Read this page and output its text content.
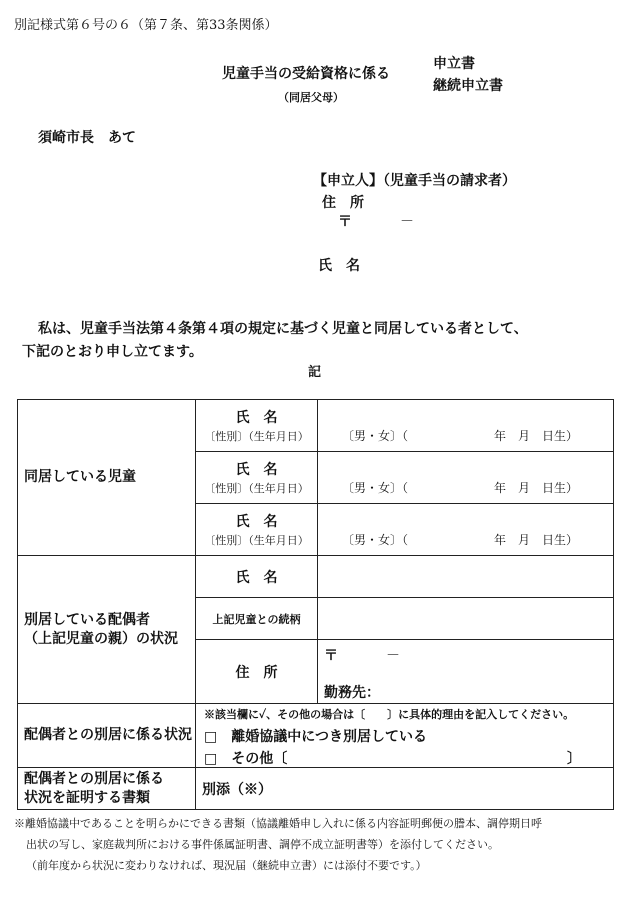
別記様式第６号の６（第７条、第33条関係）
児童手当の受給資格に係る
申立書
継続申立書
（同居父母）
須崎市長　あて
【申立人】（児童手当の請求者）
住　所
〒	－
氏　名
私は、児童手当法第４条第４項の規定に基づく児童と同居している者として、
下記のとおり申し立てます。
記
同居している児童	氏　名
〔性別〕（生年月日）	〔男・女〕（ 年　月　日生）

	氏　名
〔性別〕（生年月日）	〔男・女〕（ 年　月　日生）

	氏　名
〔性別〕（生年月日）	〔男・女〕（ 年　月　日生）

別居している配偶者
（上記児童の親）の状況	氏　名	
	上記児童との続柄	
	住　所	〒 －
勤務先：

配偶者との別居に係る状況	※該当欄に✓、その他の場合は〔　　〕に具体的理由を記入してください。
□　離婚協議中につき別居している
□　その他〔 〕	

配偶者との別居に係る
状況を証明する書類	別添（※）	
※離婚協議中であることを明らかにできる書類（協議離婚申し入れに係る内容証明郵便の謄本、調停期日呼
出状の写し、家庭裁判所における事件係属証明書、調停不成立証明書等）を添付してください。
（前年度から状況に変わりなければ、現況届（継続申立書）には添付不要です。）
